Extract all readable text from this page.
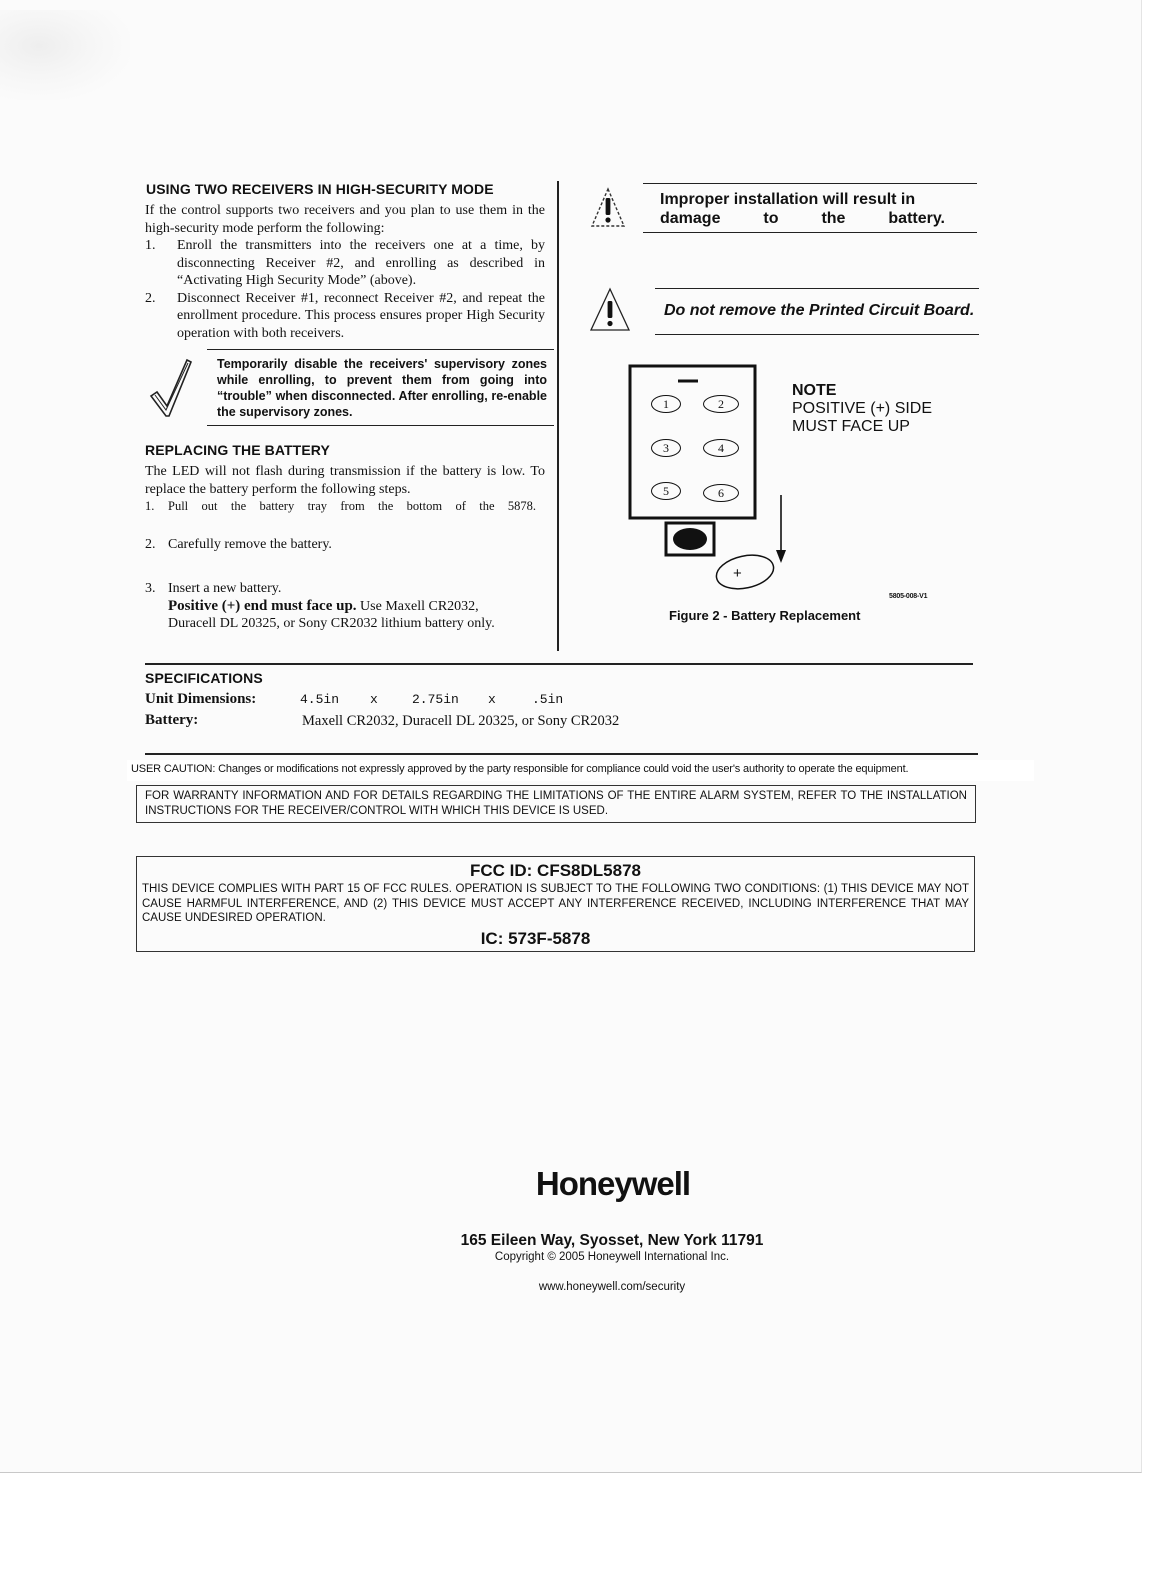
USING TWO RECEIVERS IN HIGH-SECURITY MODE
If the control supports two receivers and you plan to use them in the high-security mode perform the following:
1. Enroll the transmitters into the receivers one at a time, by disconnecting Receiver #2, and enrolling as described in “Activating High Security Mode” (above).
2. Disconnect Receiver #1, reconnect Receiver #2, and repeat the enrollment procedure. This process ensures proper High Security operation with both receivers.
Temporarily disable the receivers' supervisory zones while enrolling, to prevent them from going into “trouble” when disconnected. After enrolling, re-enable the supervisory zones.
REPLACING THE BATTERY
The LED will not flash during transmission if the battery is low. To replace the battery perform the following steps.
1. Pull out the battery tray from the bottom of the 5878.
2. Carefully remove the battery.
3. Insert a new battery.
Positive (+) end must face up. Use Maxell CR2032, Duracell DL 20325, or Sony CR2032 lithium battery only.
Improper installation will result in damage to the battery.
Do not remove the Printed Circuit Board.
1	2
3	4
5	6
+
NOTE
POSITIVE (+) SIDE
MUST FACE UP
5805-008-V1
Figure 2 - Battery Replacement
SPECIFICATIONS
Unit Dimensions:	4.5in x	2.75in x	.5in
Battery:	Maxell CR2032, Duracell DL 20325, or Sony CR2032
USER CAUTION: Changes or modifications not expressly approved by the party responsible for compliance could void the user's authority to operate the equipment.
FOR WARRANTY INFORMATION AND FOR DETAILS REGARDING THE LIMITATIONS OF THE ENTIRE ALARM SYSTEM, REFER TO THE INSTALLATION INSTRUCTIONS FOR THE RECEIVER/CONTROL WITH WHICH THIS DEVICE IS USED.
FCC ID: CFS8DL5878
THIS DEVICE COMPLIES WITH PART 15 OF FCC RULES. OPERATION IS SUBJECT TO THE FOLLOWING TWO CONDITIONS: (1) THIS DEVICE MAY NOT CAUSE HARMFUL INTERFERENCE, AND (2) THIS DEVICE MUST ACCEPT ANY INTERFERENCE RECEIVED, INCLUDING INTERFERENCE THAT MAY CAUSE UNDESIRED OPERATION.
IC: 573F-5878
Honeywell
165 Eileen Way, Syosset, New York 11791
Copyright © 2005 Honeywell International Inc.
www.honeywell.com/security
